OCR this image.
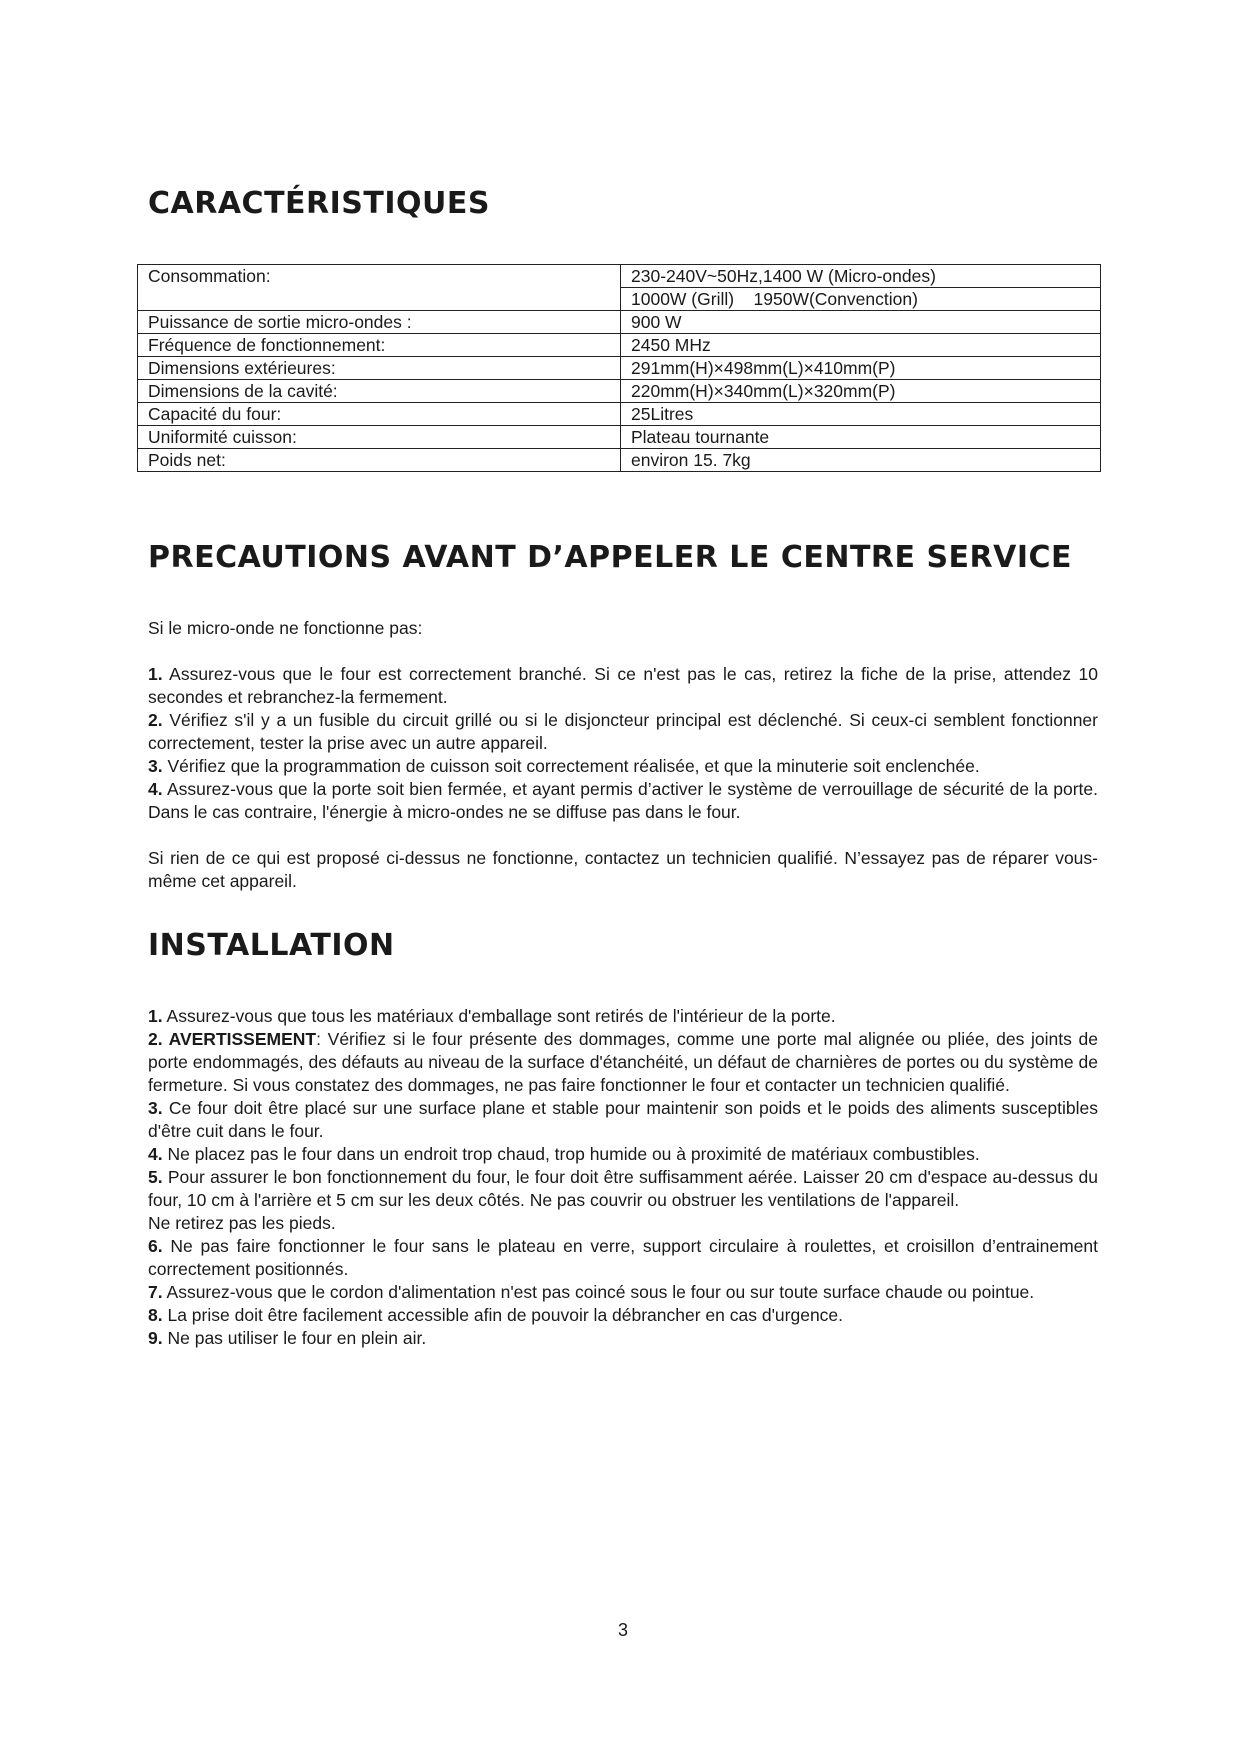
CARACTÉRISTIQUES
Consommation:	230-240V~50Hz,1400 W (Micro-ondes)
	1000W (Grill)    1950W(Convenction)
Puissance de sortie micro-ondes :	900 W
Fréquence de fonctionnement:	2450 MHz
Dimensions extérieures:	291mm(H)×498mm(L)×410mm(P)
Dimensions de la cavité:	220mm(H)×340mm(L)×320mm(P)
Capacité du four:	25Litres
Uniformité cuisson:	Plateau tournante
Poids net:	environ 15. 7kg
PRECAUTIONS AVANT D’APPELER LE CENTRE SERVICE

Si le micro-onde ne fonctionne pas:

1. Assurez-vous que le four est correctement branché. Si ce n'est pas le cas, retirez la fiche de la prise, attendez 10 secondes et rebranchez-la fermement.

2. Vérifiez s'il y a un fusible du circuit grillé ou si le disjoncteur principal est déclenché. Si ceux-ci semblent fonctionner correctement, tester la prise avec un autre appareil.

3. Vérifiez que la programmation de cuisson soit correctement réalisée, et que la minuterie soit enclenchée.

4. Assurez-vous que la porte soit bien fermée, et ayant permis d’activer le système de verrouillage de sécurité de la porte. Dans le cas contraire, l'énergie à micro-ondes ne se diffuse pas dans le four.

Si rien de ce qui est proposé ci-dessus ne fonctionne, contactez un technicien qualifié. N’essayez pas de réparer vous-même cet appareil.

INSTALLATION

1. Assurez-vous que tous les matériaux d'emballage sont retirés de l'intérieur de la porte.

2. AVERTISSEMENT: Vérifiez si le four présente des dommages, comme une porte mal alignée ou pliée, des joints de porte endommagés, des défauts au niveau de la surface d'étanchéité, un défaut de charnières de portes ou du système de fermeture. Si vous constatez des dommages, ne pas faire fonctionner le four et contacter un technicien qualifié.

3. Ce four doit être placé sur une surface plane et stable pour maintenir son poids et le poids des aliments susceptibles d'être cuit dans le four.

4. Ne placez pas le four dans un endroit trop chaud, trop humide ou à proximité de matériaux combustibles.

5. Pour assurer le bon fonctionnement du four, le four doit être suffisamment aérée. Laisser 20 cm d'espace au-dessus du four, 10 cm à l'arrière et 5 cm sur les deux côtés. Ne pas couvrir ou obstruer les ventilations de l'appareil.

Ne retirez pas les pieds.

6. Ne pas faire fonctionner le four sans le plateau en verre, support circulaire à roulettes, et croisillon d’entrainement correctement positionnés.

7. Assurez-vous que le cordon d'alimentation n'est pas coincé sous le four ou sur toute surface chaude ou pointue.

8. La prise doit être facilement accessible afin de pouvoir la débrancher en cas d'urgence.

9. Ne pas utiliser le four en plein air.

3
